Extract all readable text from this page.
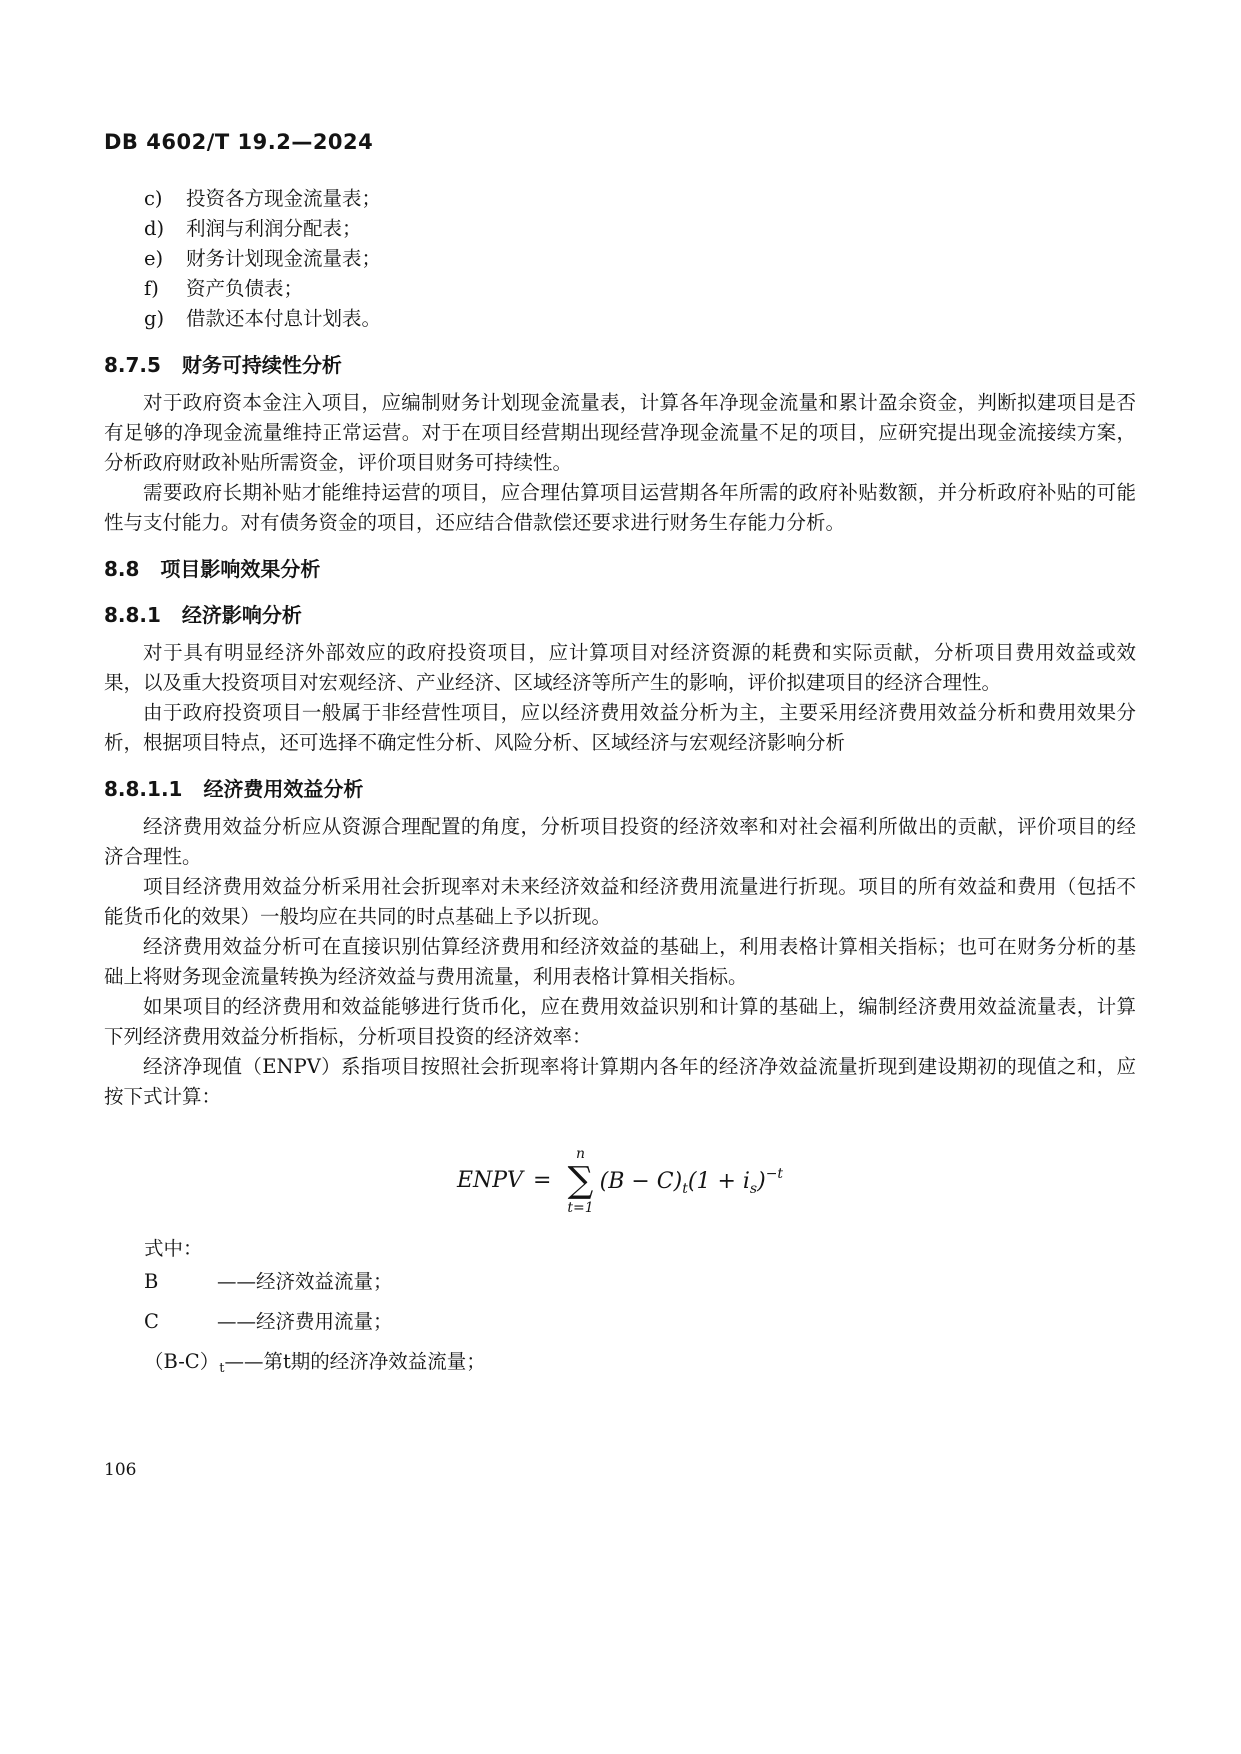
DB 4602/T 19.2—2024
c)	投资各方现金流量表；
d)	利润与利润分配表；
e)	财务计划现金流量表；
f)	资产负债表；
g)	借款还本付息计划表。
8.7.5 财务可持续性分析

对于政府资本金注入项目，应编制财务计划现金流量表，计算各年净现金流量和累计盈余资金，判断拟建项目是否有足够的净现金流量维持正常运营。对于在项目经营期出现经营净现金流量不足的项目，应研究提出现金流接续方案，分析政府财政补贴所需资金，评价项目财务可持续性。

需要政府长期补贴才能维持运营的项目，应合理估算项目运营期各年所需的政府补贴数额，并分析政府补贴的可能性与支付能力。对有债务资金的项目，还应结合借款偿还要求进行财务生存能力分析。

8.8 项目影响效果分析
8.8.1 经济影响分析

对于具有明显经济外部效应的政府投资项目，应计算项目对经济资源的耗费和实际贡献，分析项目费用效益或效果，以及重大投资项目对宏观经济、产业经济、区域经济等所产生的影响，评价拟建项目的经济合理性。

由于政府投资项目一般属于非经营性项目，应以经济费用效益分析为主，主要采用经济费用效益分析和费用效果分析，根据项目特点，还可选择不确定性分析、风险分析、区域经济与宏观经济影响分析

8.8.1.1 经济费用效益分析

经济费用效益分析应从资源合理配置的角度，分析项目投资的经济效率和对社会福利所做出的贡献，评价项目的经济合理性。

项目经济费用效益分析采用社会折现率对未来经济效益和经济费用流量进行折现。项目的所有效益和费用（包括不能货币化的效果）一般均应在共同的时点基础上予以折现。

经济费用效益分析可在直接识别估算经济费用和经济效益的基础上，利用表格计算相关指标；也可在财务分析的基础上将财务现金流量转换为经济效益与费用流量，利用表格计算相关指标。

如果项目的经济费用和效益能够进行货币化，应在费用效益识别和计算的基础上，编制经济费用效益流量表，计算下列经济费用效益分析指标，分析项目投资的经济效率：

经济净现值（ENPV）系指项目按照社会折现率将计算期内各年的经济净效益流量折现到建设期初的现值之和，应按下式计算：

ENPV =
n
∑
t=1
$(B - C)_t(1 + i_s)^{-t}$
式中：
B	——经济效益流量；
C	——经济费用流量；
$(B-C)_t$ ——第t期的经济净效益流量；
106
